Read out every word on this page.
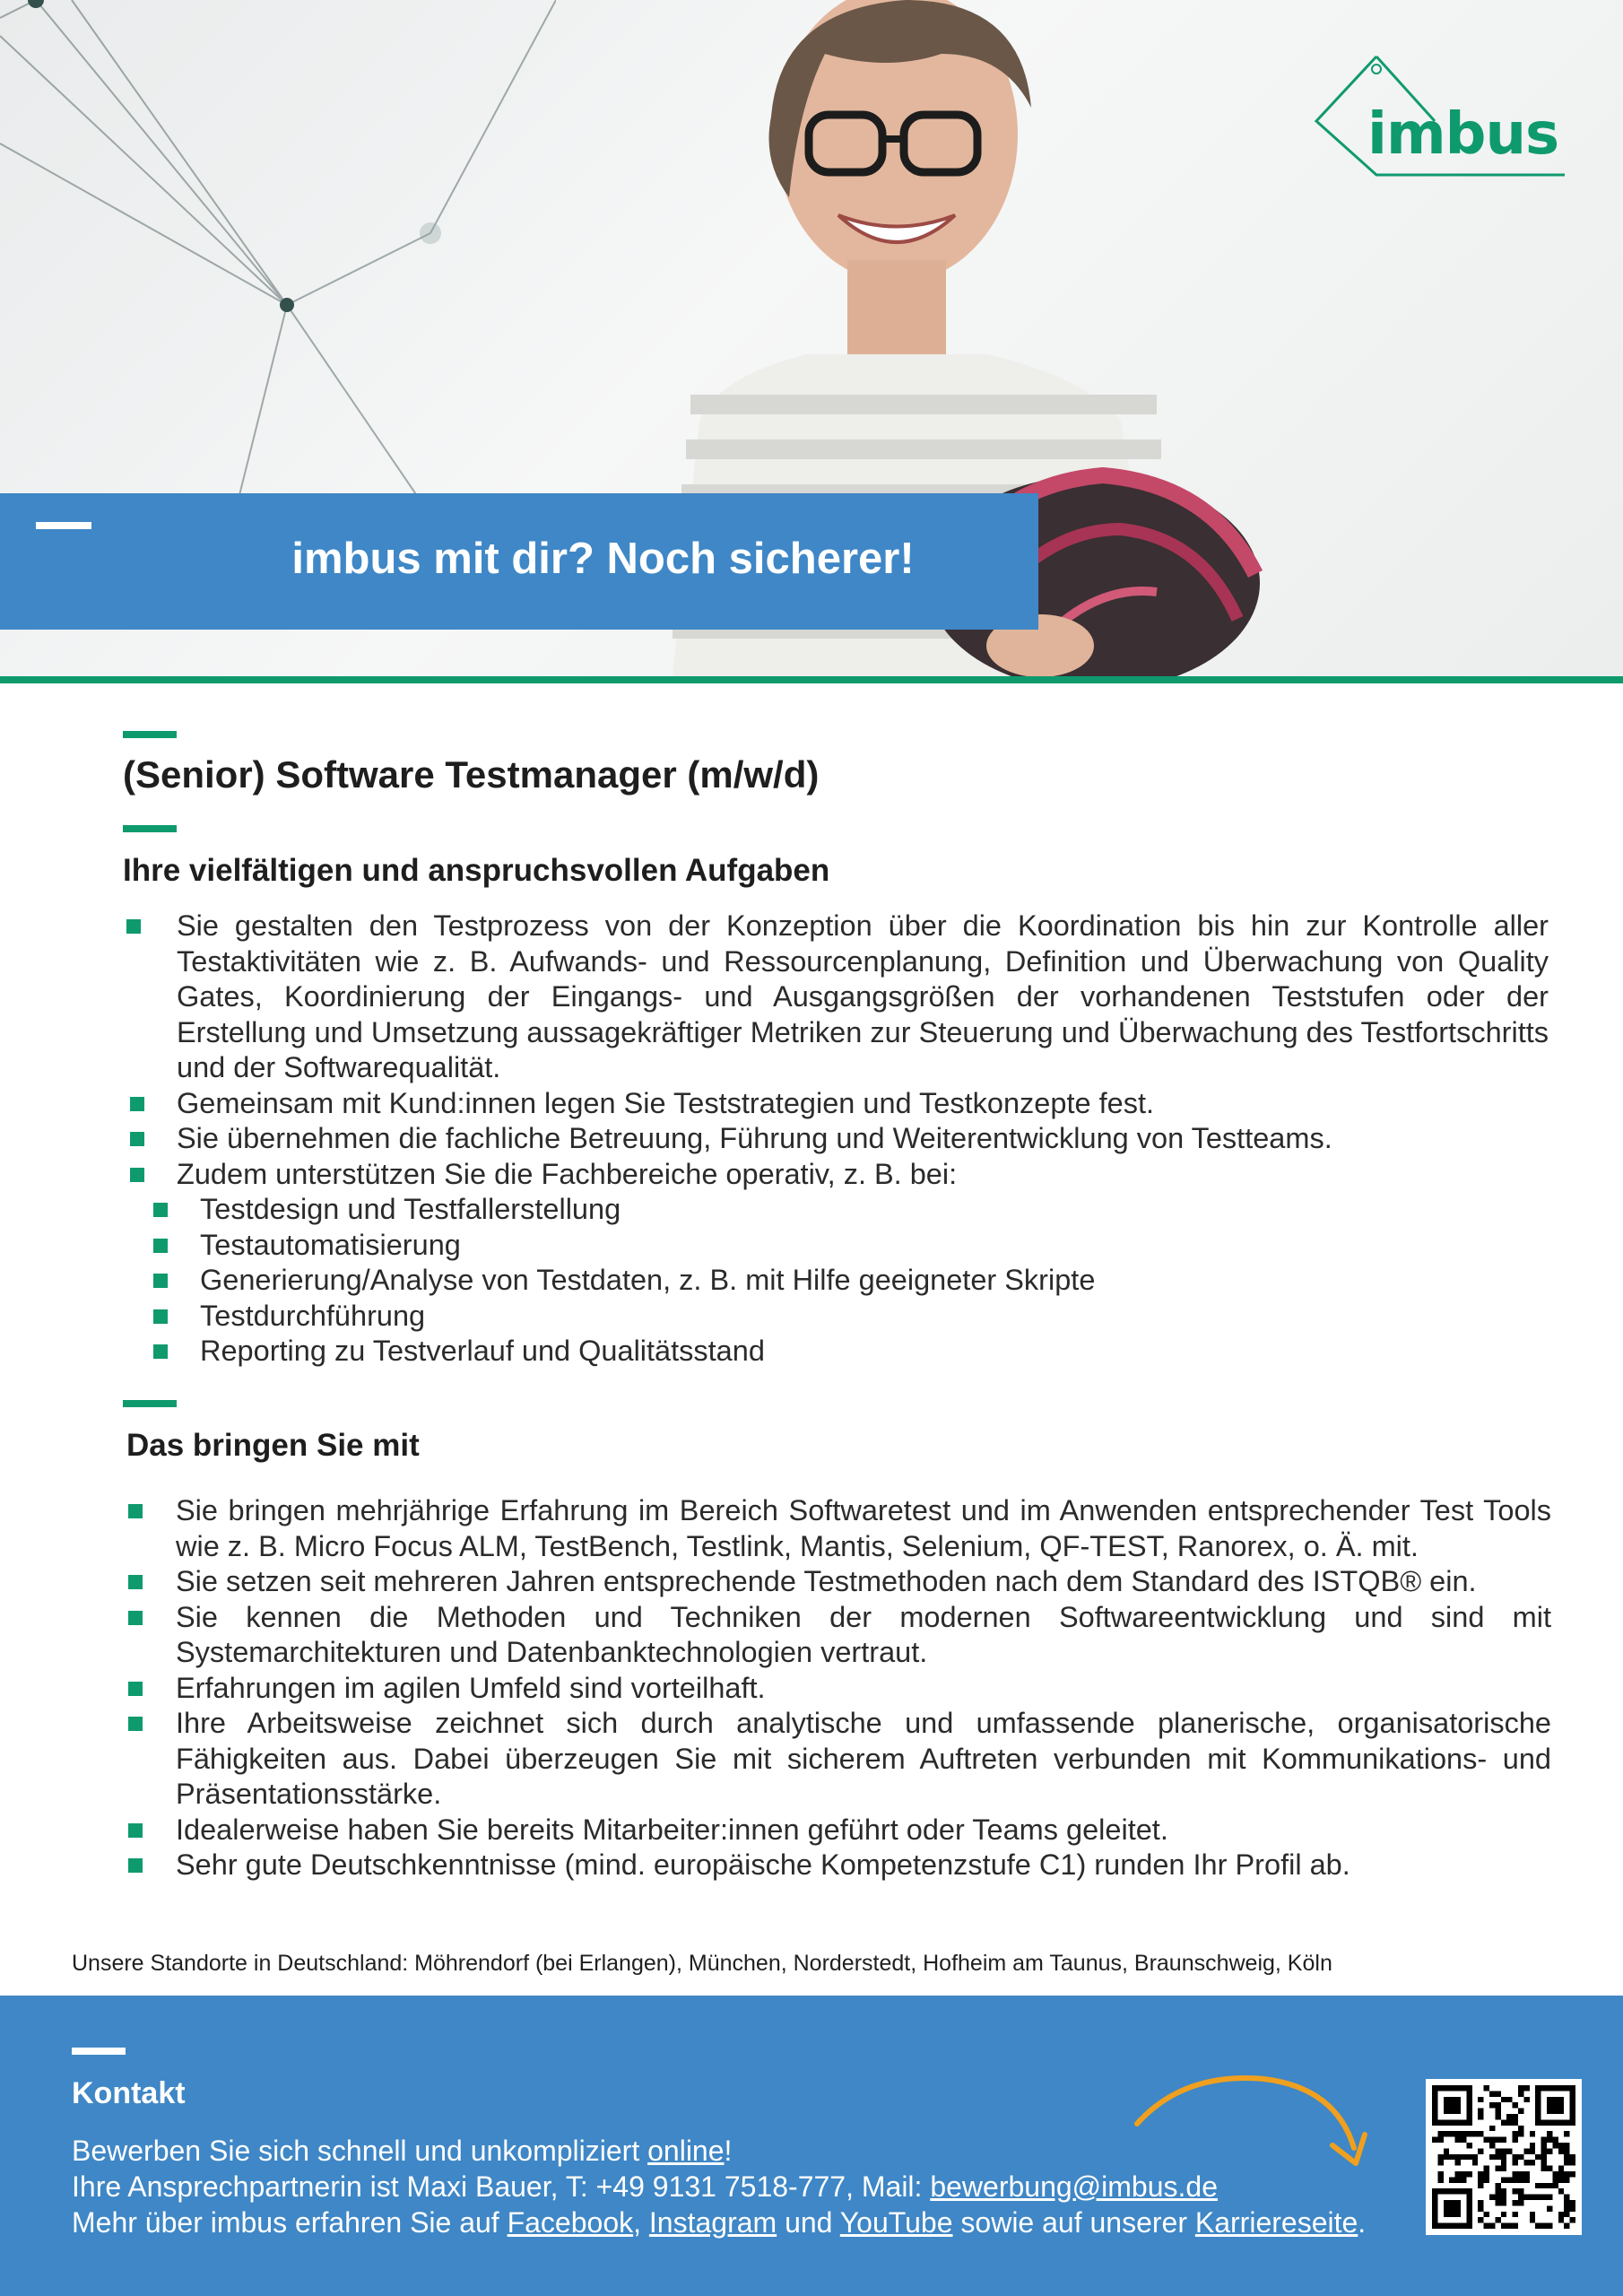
imbus
imbus mit dir? Noch sicherer!
(Senior) Software Testmanager (m/w/d)
Ihre vielfältigen und anspruchsvollen Aufgaben
Sie gestalten den Testprozess von der Konzeption über die Koordination bis hin zur Kontrolle aller Testaktivitäten wie z. B. Aufwands- und Ressourcenplanung, Definition und Überwachung von Quality Gates, Koordinierung der Eingangs- und Ausgangsgrößen der vorhandenen Teststufen oder der Erstellung und Umsetzung aussagekräftiger Metriken zur Steuerung und Überwachung des Testfortschritts und der Softwarequalität.
Gemeinsam mit Kund:innen legen Sie Teststrategien und Testkonzepte fest.
Sie übernehmen die fachliche Betreuung, Führung und Weiterentwicklung von Testteams.
Zudem unterstützen Sie die Fachbereiche operativ, z. B. bei:
Testdesign und Testfallerstellung
Testautomatisierung
Generierung/Analyse von Testdaten, z. B. mit Hilfe geeigneter Skripte
Testdurchführung
Reporting zu Testverlauf und Qualitätsstand
Das bringen Sie mit
Sie bringen mehrjährige Erfahrung im Bereich Softwaretest und im Anwenden entsprechender Test Tools wie z. B. Micro Focus ALM, TestBench, Testlink, Mantis, Selenium, QF-TEST, Ranorex, o. Ä. mit.
Sie setzen seit mehreren Jahren entsprechende Testmethoden nach dem Standard des ISTQB® ein.
Sie kennen die Methoden und Techniken der modernen Softwareentwicklung und sind mit Systemarchitekturen und Datenbanktechnologien vertraut.
Erfahrungen im agilen Umfeld sind vorteilhaft.
Ihre Arbeitsweise zeichnet sich durch analytische und umfassende planerische, organisatorische Fähigkeiten aus. Dabei überzeugen Sie mit sicherem Auftreten verbunden mit Kommunikations- und Präsentationsstärke.
Idealerweise haben Sie bereits Mitarbeiter:innen geführt oder Teams geleitet.
Sehr gute Deutschkenntnisse (mind. europäische Kompetenzstufe C1) runden Ihr Profil ab.
Unsere Standorte in Deutschland: Möhrendorf (bei Erlangen), München, Norderstedt, Hofheim am Taunus, Braunschweig, Köln
Kontakt
Bewerben Sie sich schnell und unkompliziert online!
Ihre Ansprechpartnerin ist Maxi Bauer, T: +49 9131 7518-777, Mail: bewerbung@imbus.de
Mehr über imbus erfahren Sie auf Facebook, Instagram und YouTube sowie auf unserer Karriereseite.
